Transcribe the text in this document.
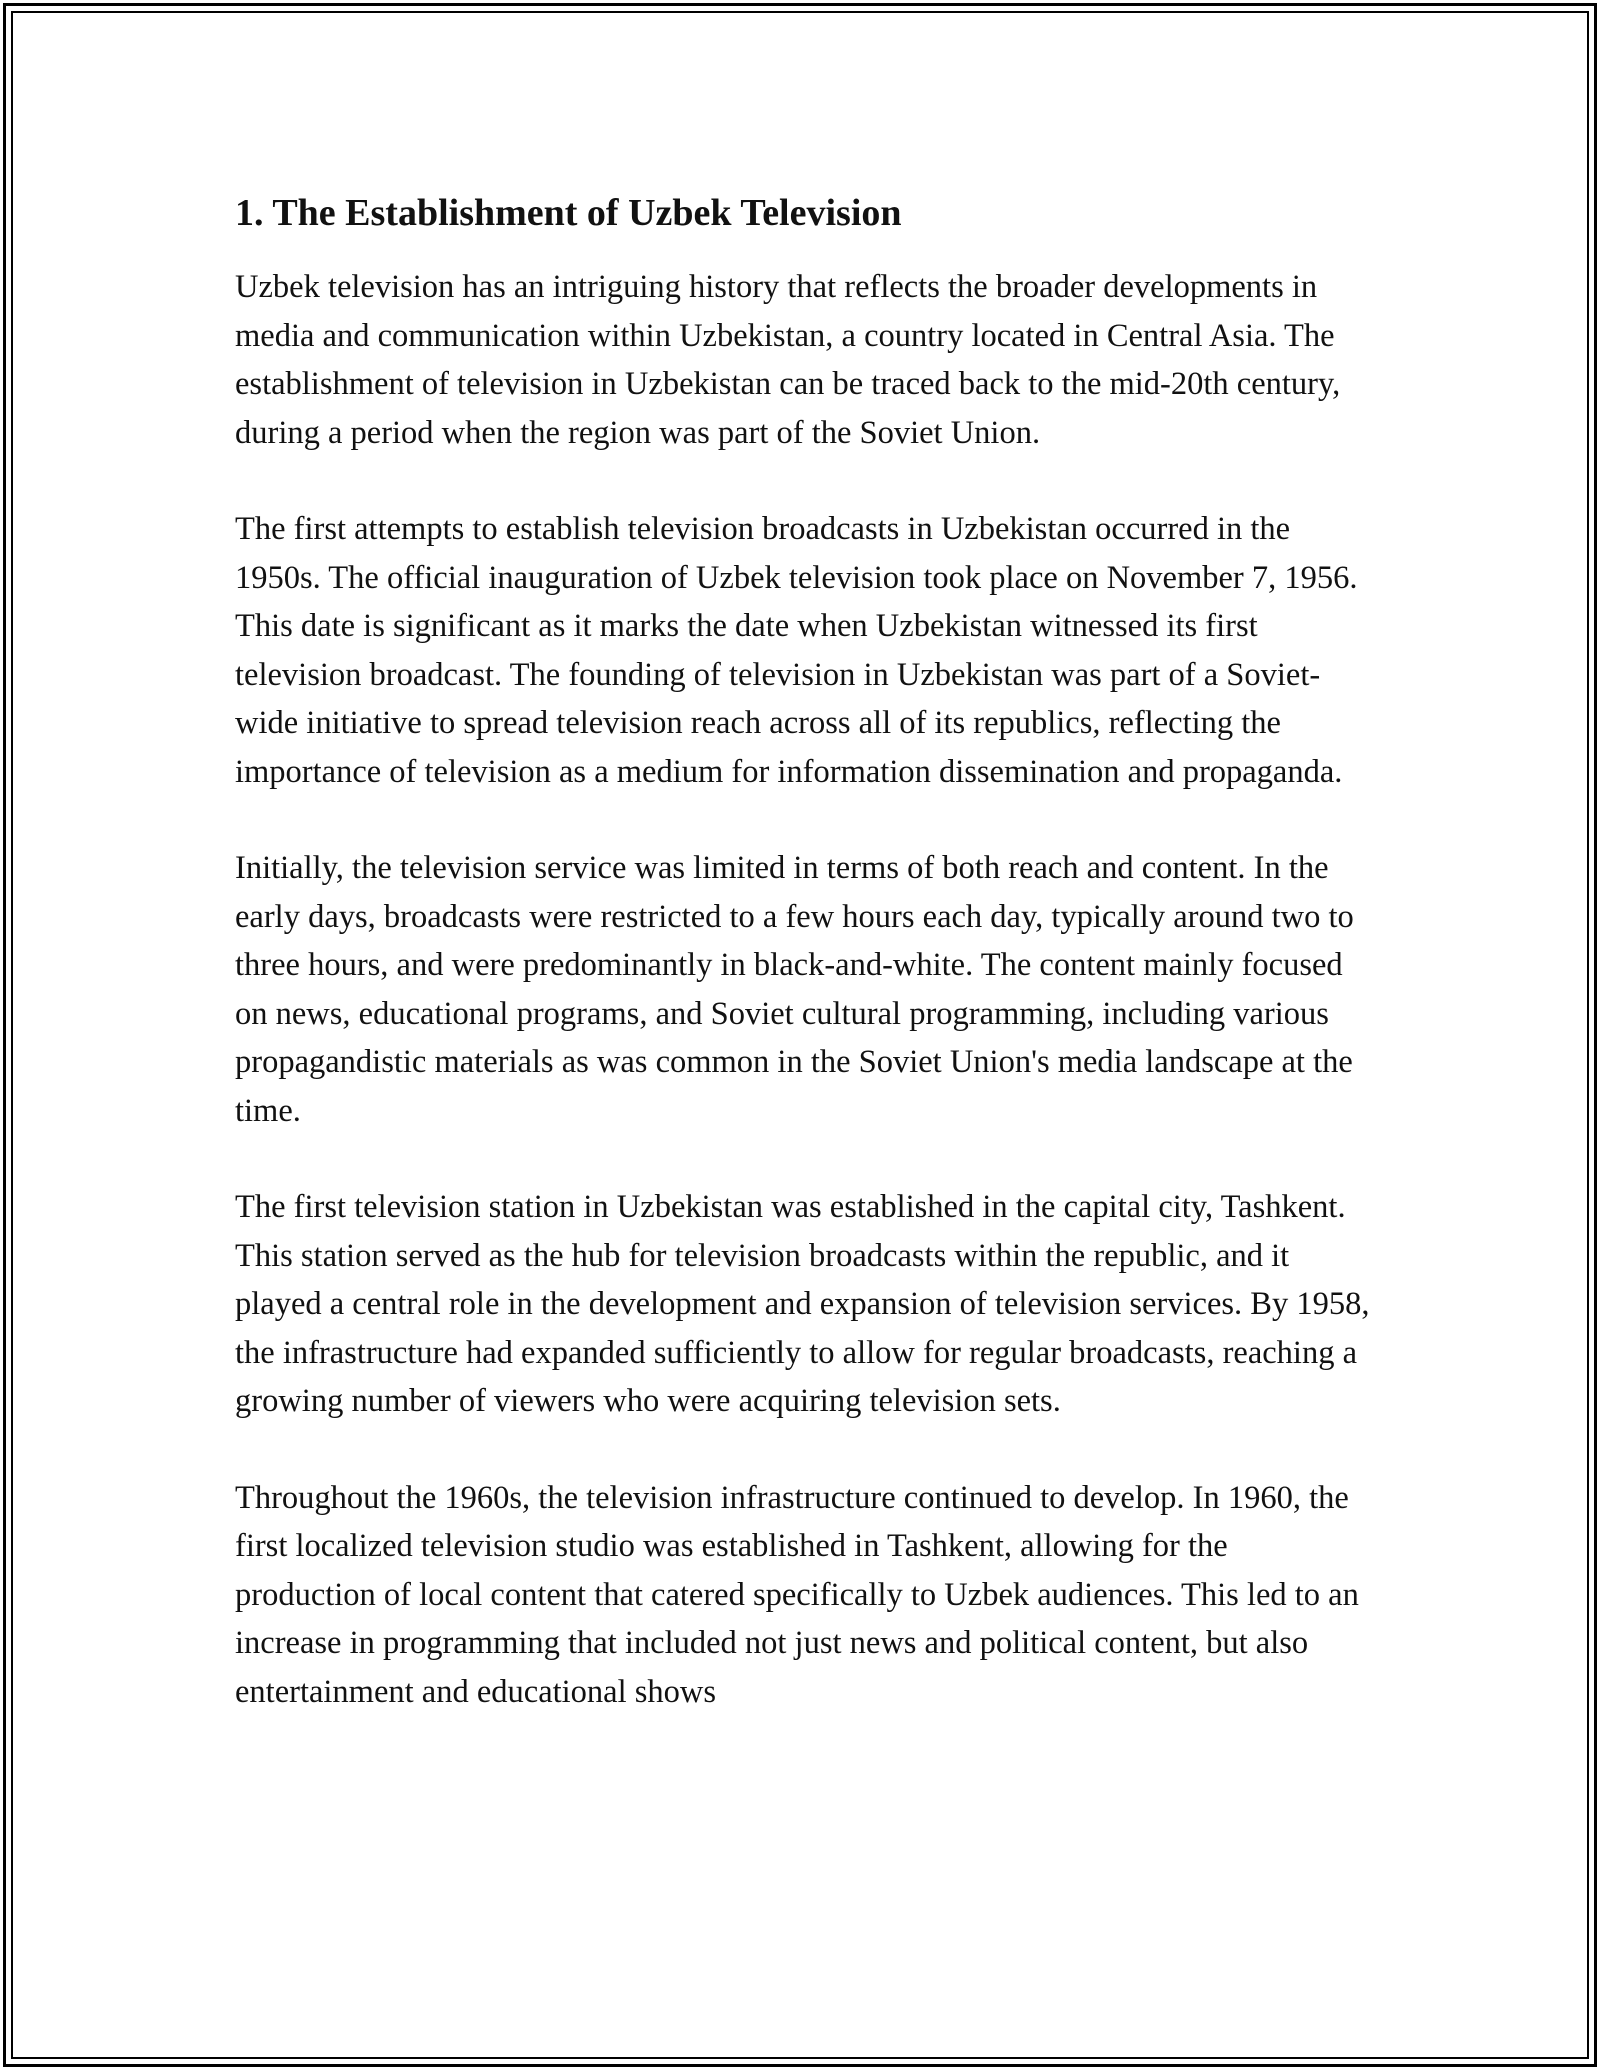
1. The Establishment of Uzbek Television

Uzbek television has an intriguing history that reflects the broader developments in media and communication within Uzbekistan, a country located in Central Asia. The establishment of television in Uzbekistan can be traced back to the mid-20th century, during a period when the region was part of the Soviet Union.

The first attempts to establish television broadcasts in Uzbekistan occurred in the 1950s. The official inauguration of Uzbek television took place on November 7, 1956. This date is significant as it marks the date when Uzbekistan witnessed its first television broadcast. The founding of television in Uzbekistan was part of a Soviet-wide initiative to spread television reach across all of its republics, reflecting the importance of television as a medium for information dissemination and propaganda.

Initially, the television service was limited in terms of both reach and content. In the early days, broadcasts were restricted to a few hours each day, typically around two to three hours, and were predominantly in black-and-white. The content mainly focused on news, educational programs, and Soviet cultural programming, including various propagandistic materials as was common in the Soviet Union's media landscape at the time.

The first television station in Uzbekistan was established in the capital city, Tashkent. This station served as the hub for television broadcasts within the republic, and it played a central role in the development and expansion of television services. By 1958, the infrastructure had expanded sufficiently to allow for regular broadcasts, reaching a growing number of viewers who were acquiring television sets.

Throughout the 1960s, the television infrastructure continued to develop. In 1960, the first localized television studio was established in Tashkent, allowing for the production of local content that catered specifically to Uzbek audiences. This led to an increase in programming that included not just news and political content, but also entertainment and educational shows
